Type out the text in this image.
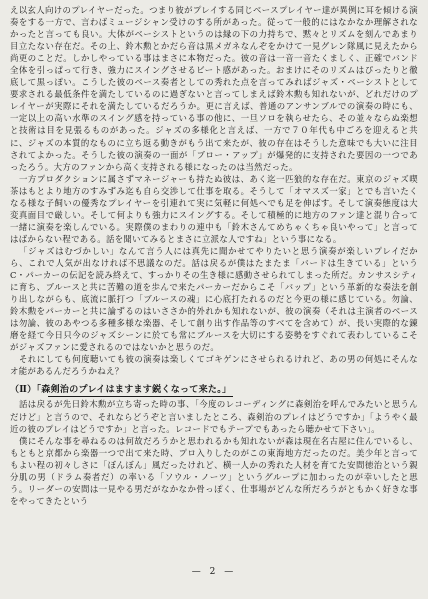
え以玄人向けのプレイヤーだった。つまり彼がプレイする同じベースプレイヤー達が異例に耳を傾ける演奏をする一方で、言わばミュージシャン受けのする所があった。従って一般的にはなかなか理解されなかったと言っても良い。大体がベーシストというのは縁の下の力持ちで、黙々とリズムを刻んであまり目立たない存在だ。その上、鈴木勲とかだら音は黒メガネなんぞをかけて一見グレン隊風に見えたから尚更のことだ。しかしやっている事はまさに本物だった。彼の音は一音一音たくましく、正確でバンド全体を引っぱって行き、強力にスイングさせるビート感があった。おまけにそのリズムはぴったりと徹底して黒っぽい。こうした彼のベース奏者としての秀れた点を言ってみればジャズ・ベーシストとして要求される最低条件を満たしているのに過ぎないと言ってしまえば鈴木勲も知れないが、どれだけのプレイヤーが実際にそれを満たしているだろうか。更に言えば、普通のアンサンブルでの演奏の時にも、一定以上の高い水準のスイング感を持っている事の他に、一旦ソロを執らせたら、その並々ならぬ楽想と技術は目を見張るものがあった。ジャズの多様化と言えば、一方で７０年代も中ごろを迎えると共に、ジャズの本質的なものに立ち返る動きがもう出て来たが、彼の存在はそうした意味でも大いに注目されてよかった。そうした彼の演奏の一面が「ブロー・アップ」が爆発的に支持された要因の一つであったろう。大方のファンから高く支持される様になったのは当然だった。

一方プロダクションに属さずマネージャーも持たぬ彼は、あく迄一匹狼的な存在だ。東京のジャズ喫茶はもとより地方のすみずみ迄も自ら交渉して仕事を取る。そうして「オマスズ一家」とでも言いたくなる様な子飼いの優秀なプレイヤーを引連れて実に気軽に何処へでも足を伸ばす。そして演奏態度は大変真面目で厳しい。そして何よりも強力にスイングする。そして積極的に地方のファン達と混り合って一緒に演奏を楽しんでいる。実際僕のまわりの連中も「鈴木さんてめちゃくちゃ良いやって」と言ってはばからない程である。話を聞いてみるとまさに立派な人ですね」という事になる。

「ジャズはむづかしい」なんて言う人には真先に聞かせてやりたいと思う演奏が楽しいプレイだから、これで人気が出なければ不思議なのだ。話は戻るが僕はたまたま「バードは生きている」というC・パーカーの伝記を読み終えて、すっかりその生き様に感動させられてしまった所だ。カンサスシティに育ち、ブルースと共に苦難の道を歩んで来たパーカーだからこそ「バップ」という革新的な奏法を創り出しながらも、底流に脈打つ「ブルースの魂」に心底打たれるのだと今更の様に感じている。勿論、鈴木勲をパーカーと共に論ずるのはいささか的外れかも知れないが、彼の演奏（それは主演者のベースは勿論、彼のあやつる多種多様な楽器、そして創り出す作品等のすべてを含めて）が、長い実際的な錬磨を経て今日只今のジャズシーンに於ても常にブルースを大切にする姿勢をすぐれて表わしているこそがジャズファンに愛されるのではないかと思うのだ。

それにしても何度聴いても彼の演奏は楽しくてゴキゲンにさせられるけれど、あの男の何処にそんなオ能があるんだろうかねえ？

（Ⅱ）「森剣治のプレイはますます鋭くなって来た。」

話は戻るが先日鈴木勲が立ち寄った時の事、「今度のレコーディングに森剣治を呼んでみたいと思うんだけど」と言うので、それならどうぞと言いましたところ、森剣治のプレイはどうですか」「ようやく最近の彼のプレイはどうですか」と言った。レコードでもテープでもあったら聴かせて下さい」。

僕にそんな事を尋ねるのは何故だろうかと思われるかも知れないが森は現在名古屋に住んでいるし、もともと京都から楽器一つで出て来た時、プロ入りしたのがこの東海地方だったのだ。美少年と言ってもよい程の初々しさに「ぼんぼん」風だったけれど、横一人かの秀れた人材を育てた安間徳治という親分肌の男（ドラム奏者だ）の率いる「ソウル・ノーツ」というグループに加わったのが幸いしたと思う。リーダーの安間は一見やる男だがなかなか骨っぽく、仕事場がどんな所だろうがともかく好きな事をやってきたという

— 2 —
